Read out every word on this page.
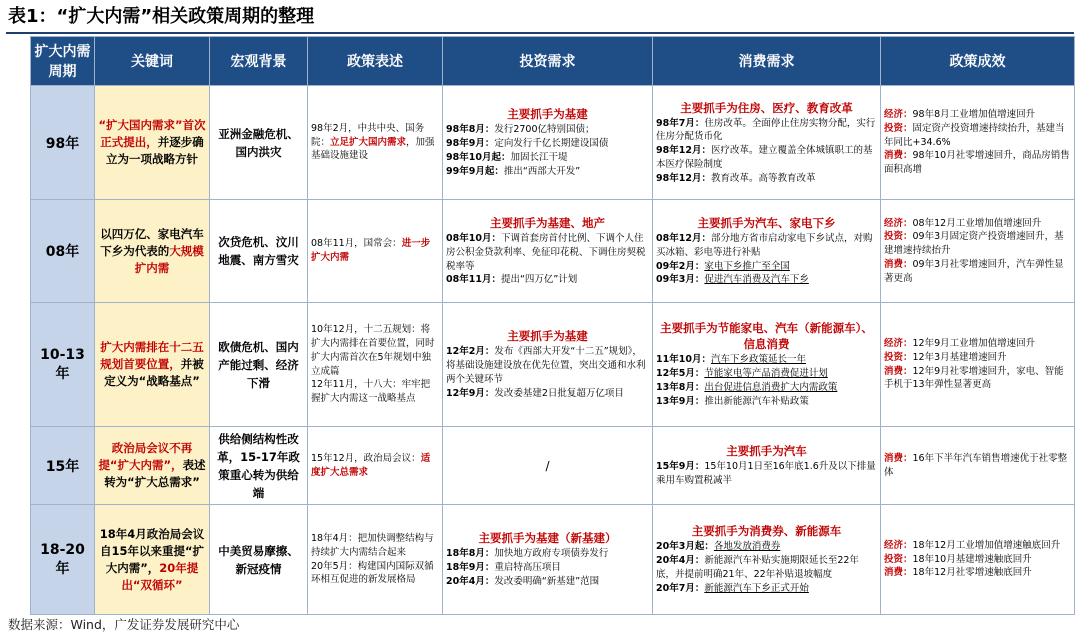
表1：“扩大内需”相关政策周期的整理
扩大内需周期	关键词	宏观背景	政策表述	投资需求	消费需求	政策成效
98年	“扩大国内需求”首次正式提出，并逐步确立为一项战略方针	亚洲金融危机、国内洪灾	98年2月，中共中央、国务院：立足扩大国内需求，加强基础设施建设	主要抓手为基建
98年8月：发行2700亿特别国债；
98年9月：定向发行千亿长期建设国债
98年10月起：加固长江干堤
99年9月起：推出“西部大开发”	主要抓手为住房、医疗、教育改革
98年7月：住房改革。全面停止住房实物分配，实行住房分配货币化
98年12月：医疗改革。建立覆盖全体城镇职工的基本医疗保险制度
98年12月：教育改革。高等教育改革	经济：98年8月工业增加值增速回升
投资：固定资产投资增速持续抬升，基建当年同比+34.6%
消费：98年10月社零增速回升，商品房销售面积高增

08年	以四万亿、家电汽车下乡为代表的大规模扩内需	次贷危机、汶川地震、南方雪灾	08年11月，国常会：进一步扩大内需	主要抓手为基建、地产
08年10月：下调首套房首付比例、下调个人住房公积金贷款利率、免征印花税、下调住房契税税率等
08年11月：提出“四万亿”计划	主要抓手为汽车、家电下乡
08年12月：部分地方省市启动家电下乡试点，对购买冰箱、彩电等进行补贴
09年2月：家电下乡推广至全国
09年3月：促进汽车消费及汽车下乡	经济：08年12月工业增加值增速回升
投资：09年3月固定资产投资增速回升，基建增速持续抬升
消费：09年3月社零增速回升，汽车弹性显著更高

10-13年	扩大内需排在十二五规划首要位置，并被定义为“战略基点”	欧债危机、国内产能过剩、经济下滑	10年12月，十二五规划：将扩大内需排在首要位置，同时扩大内需首次在5年规划中独立成篇
12年11月，十八大：牢牢把握扩大内需这一战略基点	主要抓手为基建
12年2月：发布《西部大开发“十二五”规划》，将基础设施建设放在优先位置，突出交通和水利两个关键环节
12年9月：发改委基建2日批复超万亿项目	主要抓手为节能家电、汽车（新能源车）、信息消费
11年10月：汽车下乡政策延长一年
12年5月：节能家电等产品消费促进计划
13年8月：出台促进信息消费扩大内需政策
13年9月：推出新能源汽车补贴政策	经济：12年9月工业增加值增速回升
投资：12年3月基建增速回升
消费：12年9月社零增速回升，家电、智能手机于13年弹性显著更高

15年	政治局会议不再提“扩大内需”，表述转为“扩大总需求”	供给侧结构性改革，15-17年政策重心转为供给端	15年12月，政治局会议：适度扩大总需求	/	主要抓手为汽车
15年9月：15年10月1日至16年底1.6升及以下排量乘用车购置税减半	消费：16年下半年汽车销售增速优于社零整体

18-20年	18年4月政治局会议自15年以来重提“扩大内需”，20年提出“双循环”	中美贸易摩擦、新冠疫情	18年4月：把加快调整结构与持续扩大内需结合起来
20年5月：构建国内国际双循环相互促进的新发展格局	主要抓手为基建（新基建）
18年8月：加快地方政府专项债券发行
18年9月：重启特高压项目
20年4月：发改委明确“新基建”范围	主要抓手为消费券、新能源车
20年3月起：各地发放消费券
20年4月：新能源汽车补贴实施期限延长至22年底，并提前明确21年、22年补贴退坡幅度
20年7月：新能源汽车下乡正式开始	经济：18年12月工业增加值增速触底回升
投资：18年10月基建增速触底回升
消费：18年12月社零增速触底回升
数据来源：Wind，广发证券发展研究中心
